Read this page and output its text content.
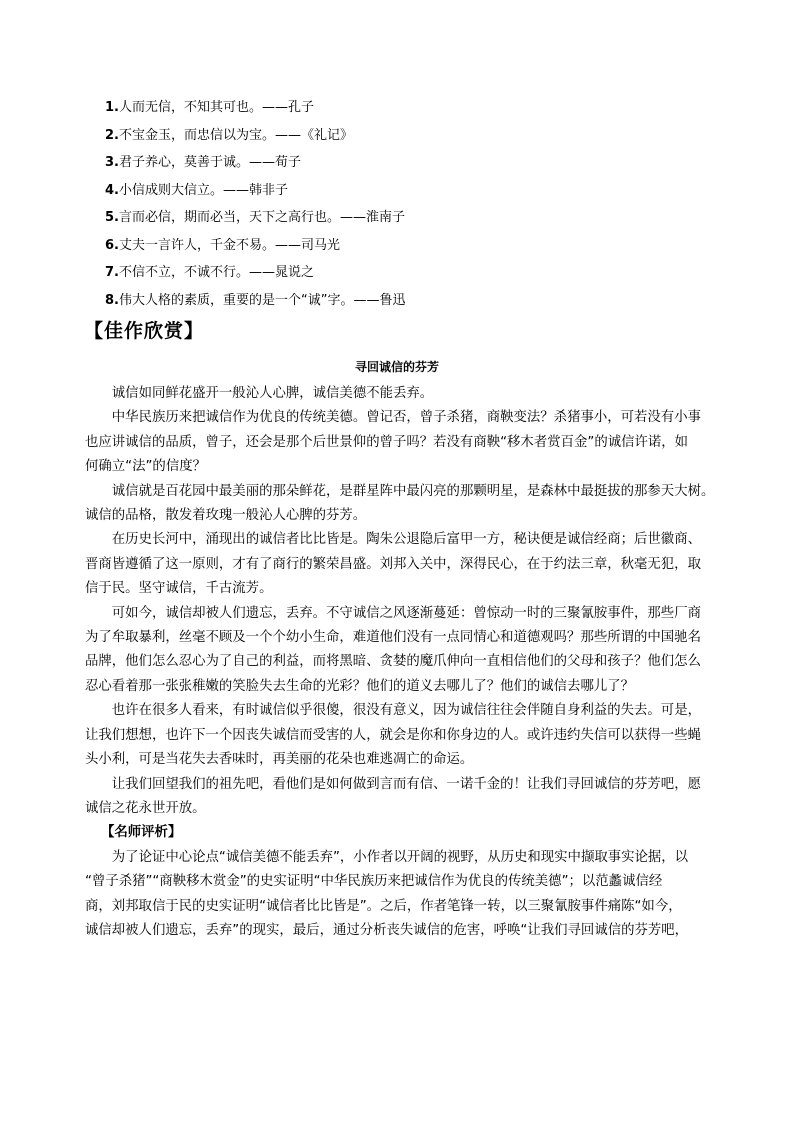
1.人而无信，不知其可也。——孔子
2.不宝金玉，而忠信以为宝。——《礼记》
3.君子养心，莫善于诚。——荀子
4.小信成则大信立。——韩非子
5.言而必信，期而必当，天下之高行也。——淮南子
6.丈夫一言许人，千金不易。——司马光
7.不信不立，不诚不行。——晁说之
8.伟大人格的素质，重要的是一个“诚”字。——鲁迅
【佳作欣赏】
寻回诚信的芬芳

诚信如同鲜花盛开一般沁人心脾，诚信美德不能丢弃。

中华民族历来把诚信作为优良的传统美德。曾记否，曾子杀猪，商鞅变法？杀猪事小，可若没有小事
也应讲诚信的品质，曾子，还会是那个后世景仰的曾子吗？若没有商鞅“移木者赏百金”的诚信许诺，如
何确立“法”的信度？

诚信就是百花园中最美丽的那朵鲜花，是群星阵中最闪亮的那颗明星，是森林中最挺拔的那参天大树。
诚信的品格，散发着玫瑰一般沁人心脾的芬芳。

在历史长河中，涌现出的诚信者比比皆是。陶朱公退隐后富甲一方，秘诀便是诚信经商；后世徽商、
晋商皆遵循了这一原则，才有了商行的繁荣昌盛。刘邦入关中，深得民心，在于约法三章，秋毫无犯，取
信于民。坚守诚信，千古流芳。

可如今，诚信却被人们遗忘，丢弃。不守诚信之风逐渐蔓延：曾惊动一时的三聚氰胺事件，那些厂商
为了牟取暴利，丝毫不顾及一个个幼小生命，难道他们没有一点同情心和道德观吗？那些所谓的中国驰名
品牌，他们怎么忍心为了自己的利益，而将黑暗、贪婪的魔爪伸向一直相信他们的父母和孩子？他们怎么
忍心看着那一张张稚嫩的笑脸失去生命的光彩？他们的道义去哪儿了？他们的诚信去哪儿了？

也许在很多人看来，有时诚信似乎很傻，很没有意义，因为诚信往往会伴随自身利益的失去。可是，
让我们想想，也许下一个因丧失诚信而受害的人，就会是你和你身边的人。或许违约失信可以获得一些蝇
头小利，可是当花失去香味时，再美丽的花朵也难逃凋亡的命运。

让我们回望我们的祖先吧，看他们是如何做到言而有信、一诺千金的！让我们寻回诚信的芬芳吧，愿
诚信之花永世开放。

【名师评析】

为了论证中心论点“诚信美德不能丢弃”，小作者以开阔的视野，从历史和现实中撷取事实论据，以
“曾子杀猪”“商鞅移木赏金”的史实证明“中华民族历来把诚信作为优良的传统美德”；以范蠡诚信经
商，刘邦取信于民的史实证明“诚信者比比皆是”。之后，作者笔锋一转，以三聚氰胺事件痛陈“如今，
诚信却被人们遗忘，丢弃”的现实，最后，通过分析丧失诚信的危害，呼唤“让我们寻回诚信的芬芳吧，
